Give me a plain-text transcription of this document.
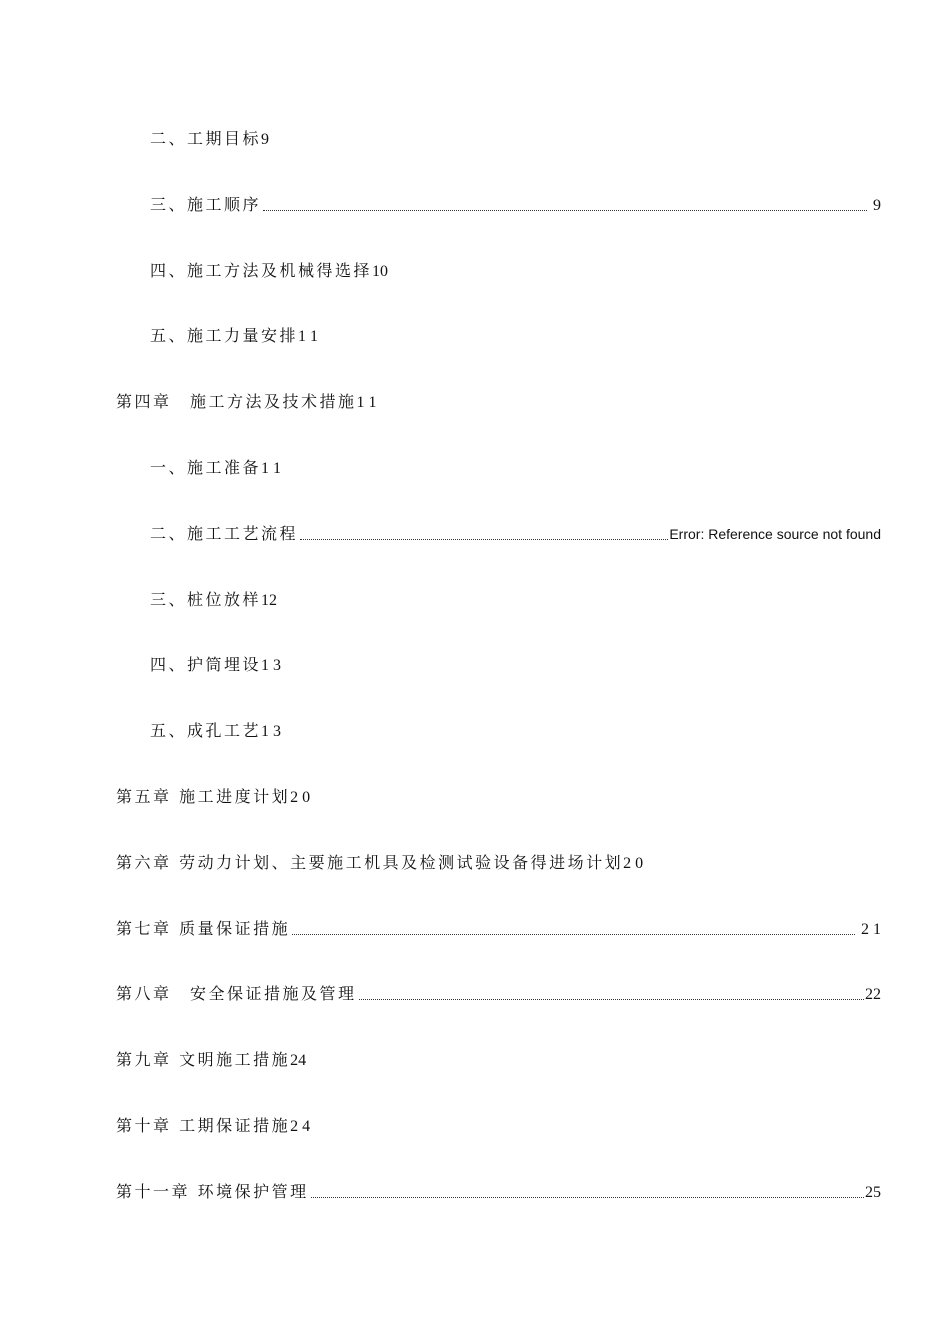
二、工期目标 9
三、施工顺序	9
四、施工方法及机械得选择 10
五、施工力量安排 1 1
第四章　施工方法及技术措施 1 1
一、施工准备 1 1
二、施工工艺流程	Error: Reference source not found
三、桩位放样 12
四、护筒埋设 1 3
五、成孔工艺 1 3
第五章 施工进度计划 2 0
第六章 劳动力计划、主要施工机具及检测试验设备得进场计划 2 0
第七章 质量保证措施	2 1
第八章　安全保证措施及管理	22
第九章 文明施工措施 24
第十章 工期保证措施 2 4
第十一章 环境保护管理	25
